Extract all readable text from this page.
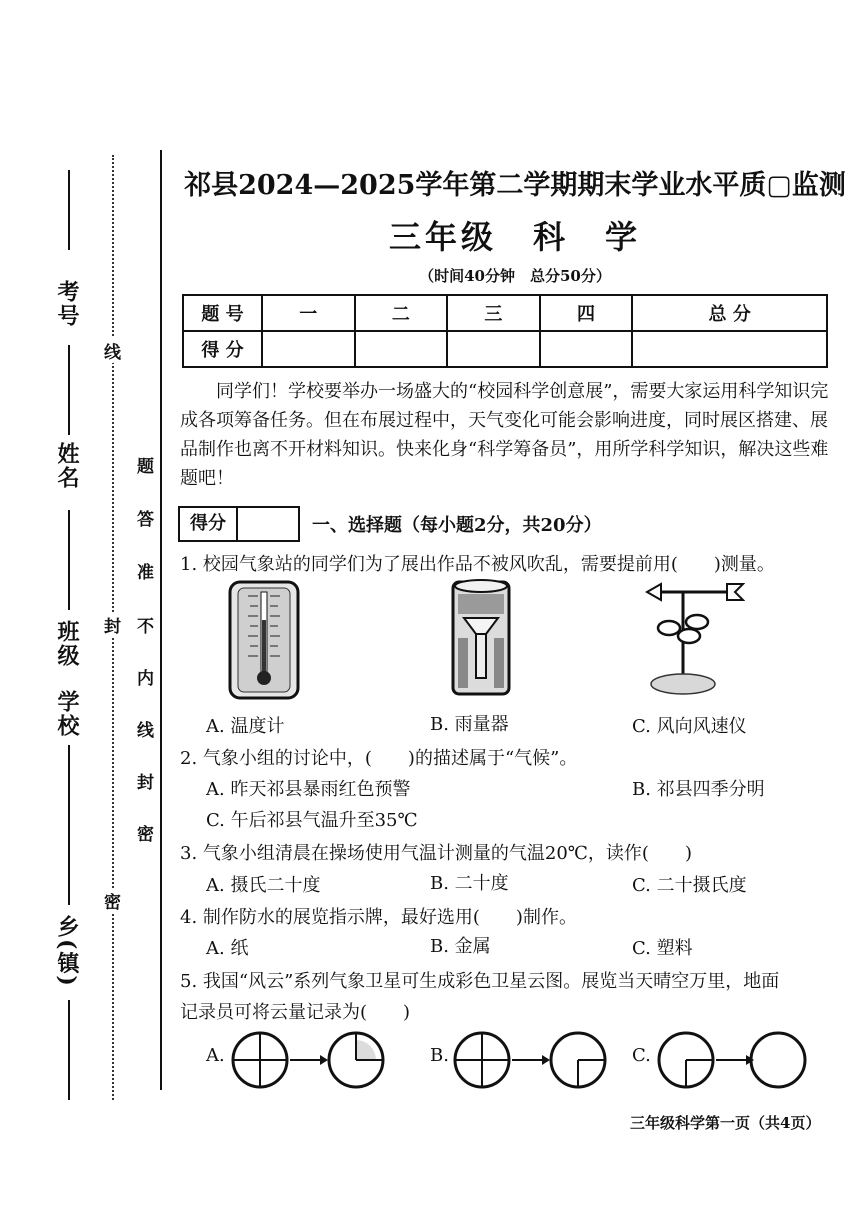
考号
姓名
班级
学校
乡(镇)
线
封
密
题
答
准
不
内
线
封
密
祁县2024—2025学年第二学期期末学业水平质▢监测
三年级　科　学
（时间40分钟　总分50分）
题 号	一	二	三	四	总 分
得 分					
同学们！学校要举办一场盛大的“校园科学创意展”，需要大家运用科学知识完成各项筹备任务。但在布展过程中，天气变化可能会影响进度，同时展区搭建、展品制作也离不开材料知识。快来化身“科学筹备员”，用所学科学知识，解决这些难题吧！
得分	一、选择题（每小题2分，共20分）
1. 校园气象站的同学们为了展出作品不被风吹乱，需要提前用(　　)测量。
A. 温度计	B. 雨量器	C. 风向风速仪
2. 气象小组的讨论中，(　　)的描述属于“气候”。
A. 昨天祁县暴雨红色预警	B. 祁县四季分明
C. 午后祁县气温升至35℃
3. 气象小组清晨在操场使用气温计测量的气温20℃，读作(　　)
A. 摄氏二十度	B. 二十度	C. 二十摄氏度
4. 制作防水的展览指示牌，最好选用(　　)制作。
A. 纸	B. 金属	C. 塑料
5. 我国“风云”系列气象卫星可生成彩色卫星云图。展览当天晴空万里，地面
记录员可将云量记录为(　　)
A.	B.	C.
三年级科学第一页（共4页）
